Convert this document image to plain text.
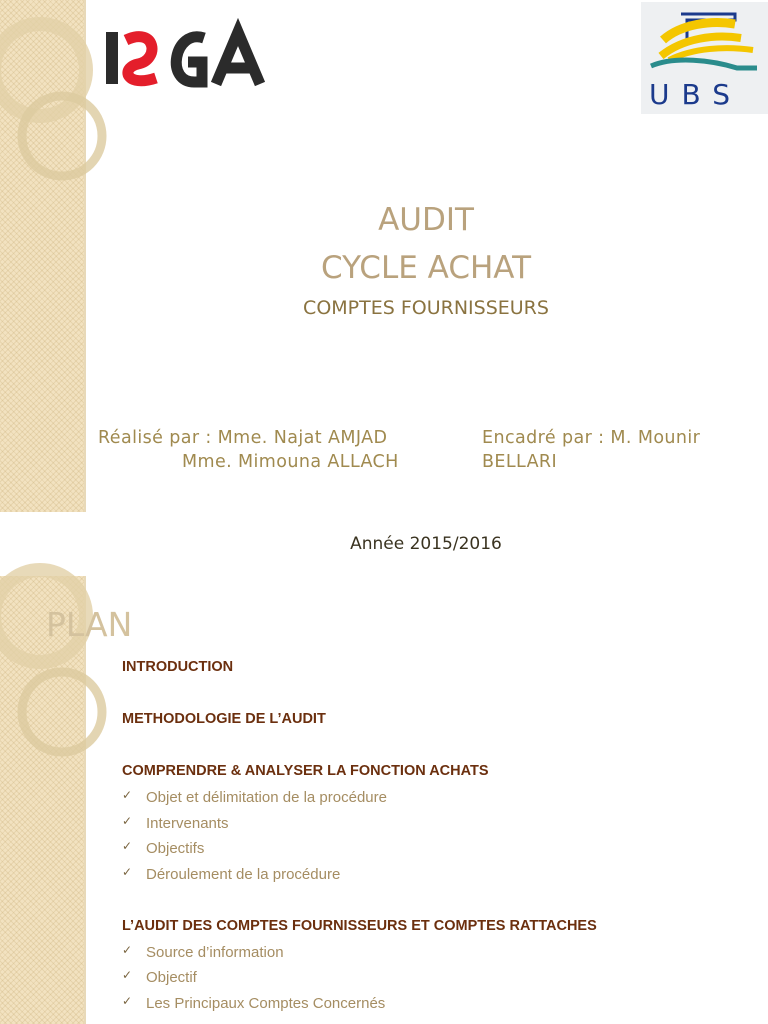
UBS
AUDIT
CYCLE ACHAT
COMPTES FOURNISSEURS
Réalisé par : Mme. Najat AMJAD
Mme. Mimouna ALLACH
Encadré par : M. Mounir BELLARI
Année 2015/2016
PLAN
INTRODUCTION
METHODOLOGIE DE L’AUDIT
COMPRENDRE & ANALYSER LA FONCTION ACHATS
✓ Objet et délimitation de la procédure
✓ Intervenants
✓ Objectifs
✓ Déroulement de la procédure
L’AUDIT DES COMPTES FOURNISSEURS ET COMPTES RATTACHES
✓ Source d’information
✓ Objectif
✓ Les Principaux Comptes Concernés
